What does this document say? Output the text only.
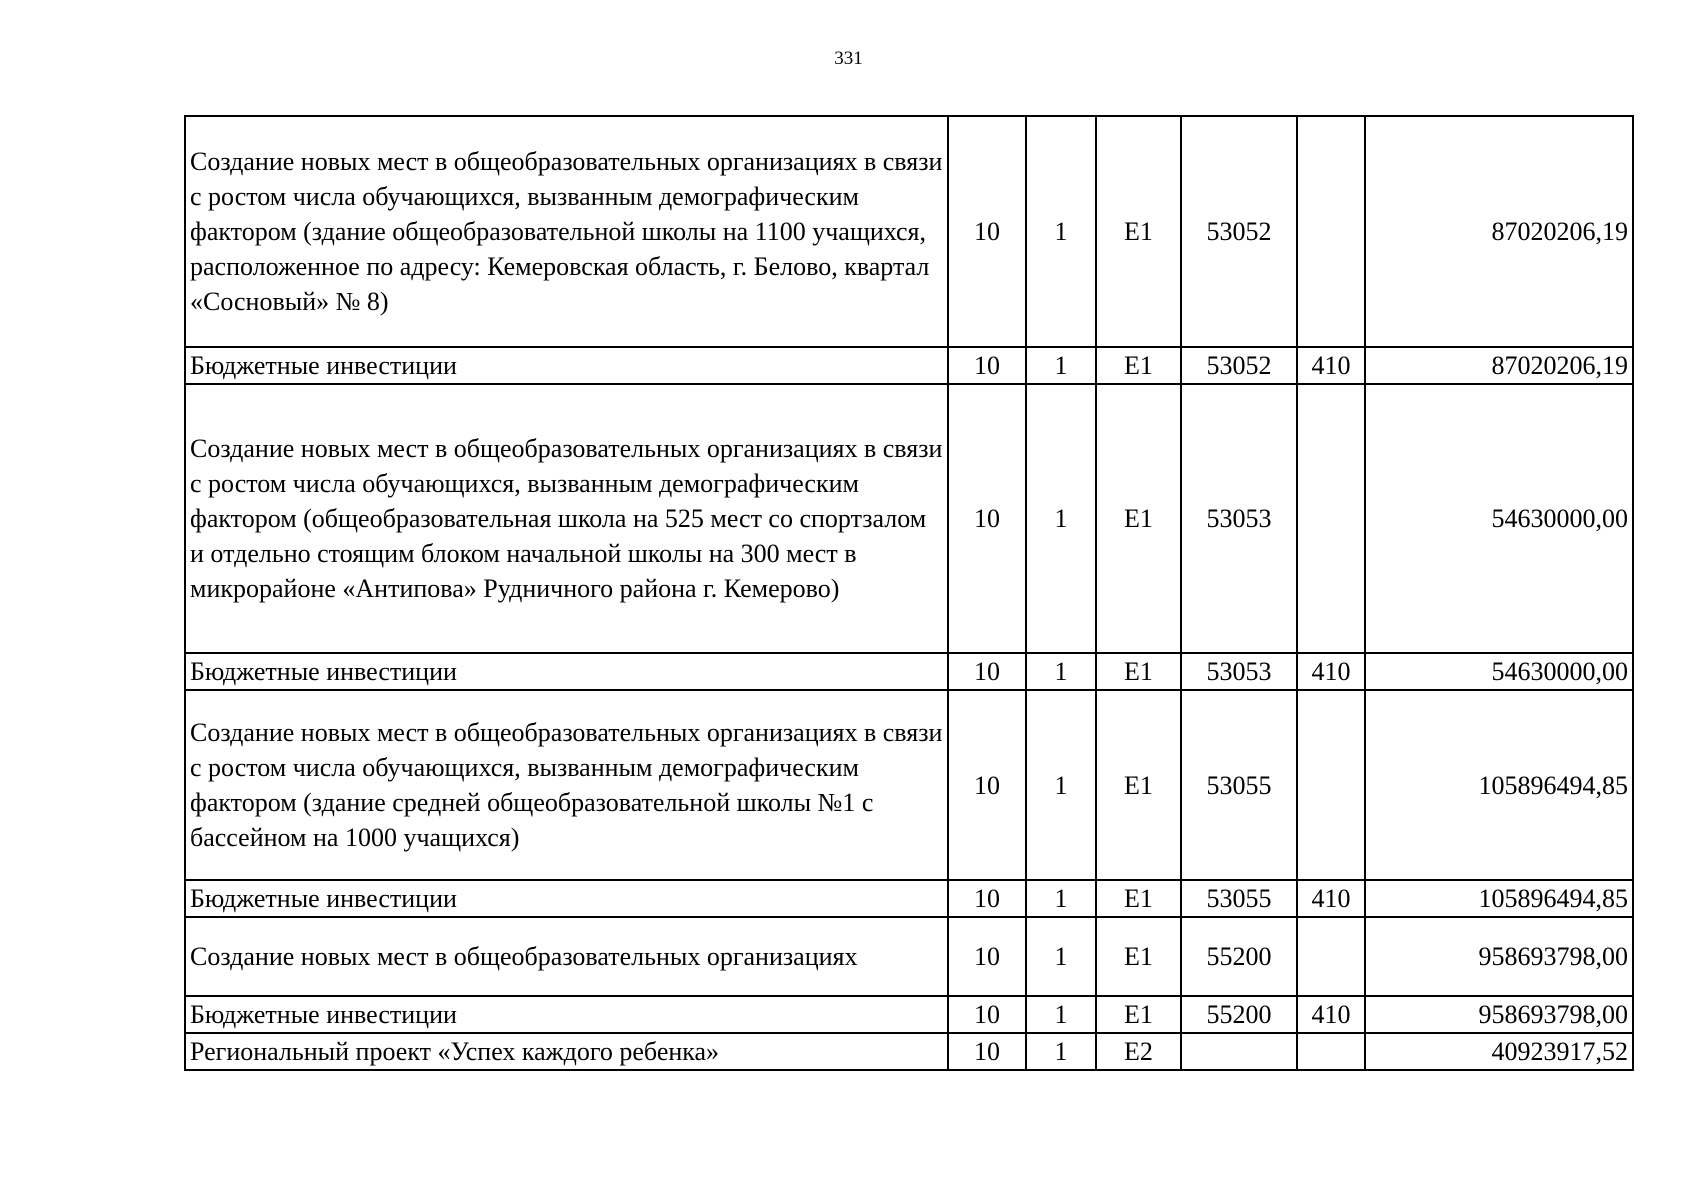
331
Создание новых мест в общеобразовательных организациях в связи с ростом числа обучающихся, вызванным демографическим фактором (здание общеобразовательной школы на 1100 учащихся, расположенное по адресу: Кемеровская область, г. Белово, квартал «Сосновый» № 8)	10	1	Е1	53052		87020206,19
Бюджетные инвестиции	10	1	Е1	53052	410	87020206,19
Создание новых мест в общеобразовательных организациях в связи с ростом числа обучающихся, вызванным демографическим фактором (общеобразовательная школа на 525 мест со спортзалом и отдельно стоящим блоком начальной школы на 300 мест в микрорайоне «Антипова» Рудничного района г. Кемерово)	10	1	Е1	53053		54630000,00
Бюджетные инвестиции	10	1	Е1	53053	410	54630000,00
Создание новых мест в общеобразовательных организациях в связи с ростом числа обучающихся, вызванным демографическим фактором (здание средней общеобразовательной школы №1 с бассейном на 1000 учащихся)	10	1	Е1	53055		105896494,85
Бюджетные инвестиции	10	1	Е1	53055	410	105896494,85
Создание новых мест в общеобразовательных организациях	10	1	Е1	55200		958693798,00
Бюджетные инвестиции	10	1	Е1	55200	410	958693798,00
Региональный проект «Успех каждого ребенка»	10	1	Е2			40923917,52
